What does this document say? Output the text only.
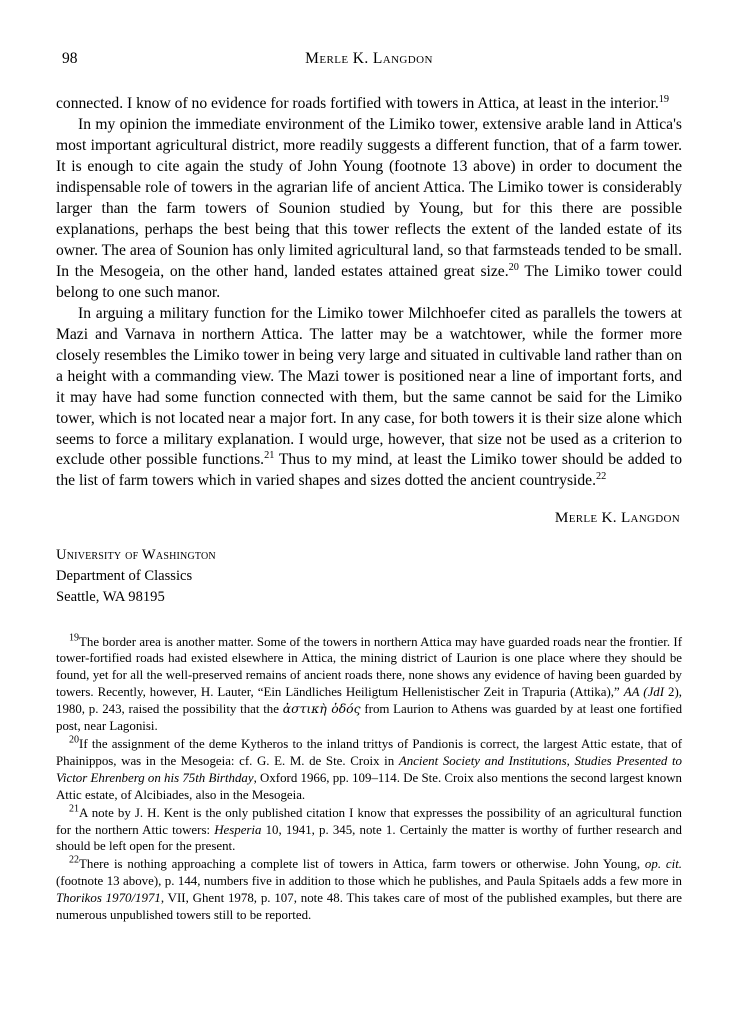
98	Merle K. Langdon

connected. I know of no evidence for roads fortified with towers in Attica, at least in the interior.$^{19}$

In my opinion the immediate environment of the Limiko tower, extensive arable land in Attica's most important agricultural district, more readily suggests a different function, that of a farm tower. It is enough to cite again the study of John Young (footnote 13 above) in order to document the indispensable role of towers in the agrarian life of ancient Attica. The Limiko tower is considerably larger than the farm towers of Sounion studied by Young, but for this there are possible explanations, perhaps the best being that this tower reflects the extent of the landed estate of its owner. The area of Sounion has only limited agricultural land, so that farmsteads tended to be small. In the Mesogeia, on the other hand, landed estates attained great size.$^{20}$ The Limiko tower could belong to one such manor.

In arguing a military function for the Limiko tower Milchhoefer cited as parallels the towers at Mazi and Varnava in northern Attica. The latter may be a watchtower, while the former more closely resembles the Limiko tower in being very large and situated in cultivable land rather than on a height with a commanding view. The Mazi tower is positioned near a line of important forts, and it may have had some function connected with them, but the same cannot be said for the Limiko tower, which is not located near a major fort. In any case, for both towers it is their size alone which seems to force a military explanation. I would urge, however, that size not be used as a criterion to exclude other possible functions.$^{21}$ Thus to my mind, at least the Limiko tower should be added to the list of farm towers which in varied shapes and sizes dotted the ancient countryside.$^{22}$

Merle K. Langdon
University of Washington
Department of Classics
Seattle, WA 98195

$^{19}$The border area is another matter. Some of the towers in northern Attica may have guarded roads near the frontier. If tower-fortified roads had existed elsewhere in Attica, the mining district of Laurion is one place where they should be found, yet for all the well-preserved remains of ancient roads there, none shows any evidence of having been guarded by towers. Recently, however, H. Lauter, “Ein Ländliches Heiligtum Hellenistischer Zeit in Trapuria (Attika),” AA (JdI 2), 1980, p. 243, raised the possibility that the ἀστικὴ ὁδός from Laurion to Athens was guarded by at least one fortified post, near Lagonisi.

$^{20}$If the assignment of the deme Kytheros to the inland trittys of Pandionis is correct, the largest Attic estate, that of Phainippos, was in the Mesogeia: cf. G. E. M. de Ste. Croix in Ancient Society and Institutions, Studies Presented to Victor Ehrenberg on his 75th Birthday, Oxford 1966, pp. 109–114. De Ste. Croix also mentions the second largest known Attic estate, of Alcibiades, also in the Mesogeia.

$^{21}$A note by J. H. Kent is the only published citation I know that expresses the possibility of an agricultural function for the northern Attic towers: Hesperia 10, 1941, p. 345, note 1. Certainly the matter is worthy of further research and should be left open for the present.

$^{22}$There is nothing approaching a complete list of towers in Attica, farm towers or otherwise. John Young, op. cit. (footnote 13 above), p. 144, numbers five in addition to those which he publishes, and Paula Spitaels adds a few more in Thorikos 1970/1971, VII, Ghent 1978, p. 107, note 48. This takes care of most of the published examples, but there are numerous unpublished towers still to be reported.
